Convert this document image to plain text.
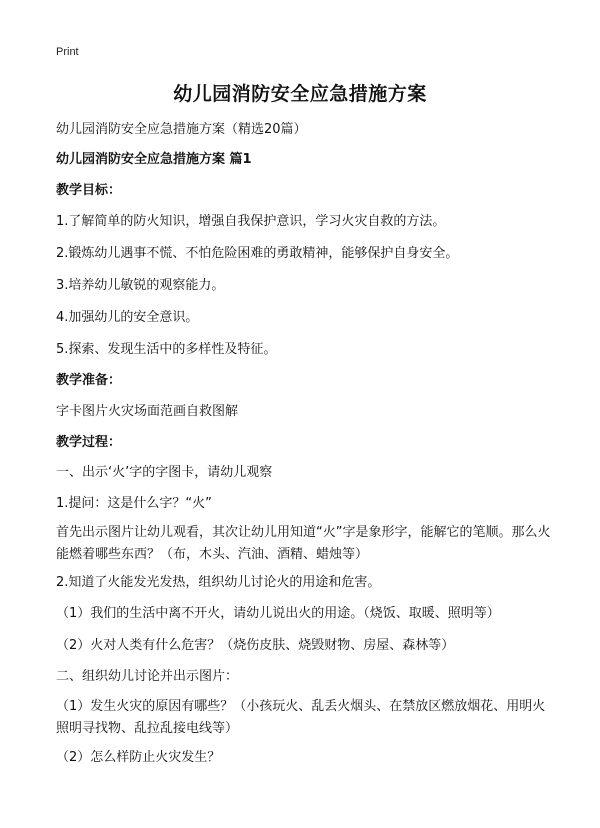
Print
幼儿园消防安全应急措施方案
幼儿园消防安全应急措施方案（精选20篇）
幼儿园消防安全应急措施方案 篇1
教学目标：
1.了解简单的防火知识，增强自我保护意识，学习火灾自救的方法。
2.锻炼幼儿遇事不慌、不怕危险困难的勇敢精神，能够保护自身安全。
3.培养幼儿敏锐的观察能力。
4.加强幼儿的安全意识。
5.探索、发现生活中的多样性及特征。
教学准备：
字卡图片火灾场面范画自救图解
教学过程：
一、出示‘火’字的字图卡，请幼儿观察
1.提问：这是什么字？“火”
首先出示图片让幼儿观看，其次让幼儿用知道“火”字是象形字，能解它的笔顺。那么火能燃着哪些东西？（布，木头、汽油、酒精、蜡烛等）
2.知道了火能发光发热，组织幼儿讨论火的用途和危害。
（1）我们的生活中离不开火，请幼儿说出火的用途。（烧饭、取暖、照明等）
（2）火对人类有什么危害？（烧伤皮肤、烧毁财物、房屋、森林等）
二、组织幼儿讨论并出示图片：
（1）发生火灾的原因有哪些？（小孩玩火、乱丢火烟头、在禁放区燃放烟花、用明火照明寻找物、乱拉乱接电线等）
（2）怎么样防止火灾发生？
